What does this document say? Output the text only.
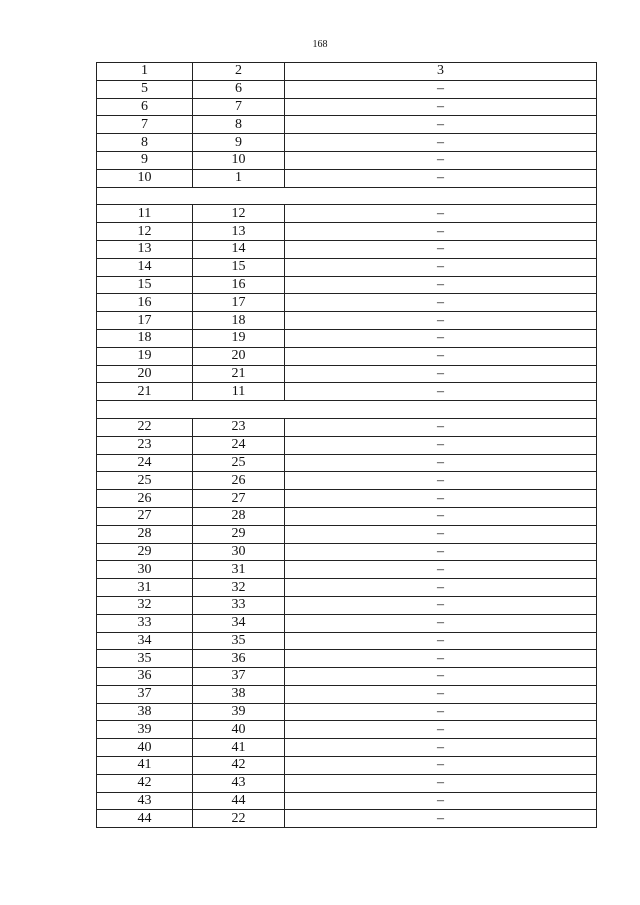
168
1	2	3
5	6	–
6	7	–
7	8	–
8	9	–
9	10	–
10	1	–

11	12	–
12	13	–
13	14	–
14	15	–
15	16	–
16	17	–
17	18	–
18	19	–
19	20	–
20	21	–
21	11	–

22	23	–
23	24	–
24	25	–
25	26	–
26	27	–
27	28	–
28	29	–
29	30	–
30	31	–
31	32	–
32	33	–
33	34	–
34	35	–
35	36	–
36	37	–
37	38	–
38	39	–
39	40	–
40	41	–
41	42	–
42	43	–
43	44	–
44	22	–
